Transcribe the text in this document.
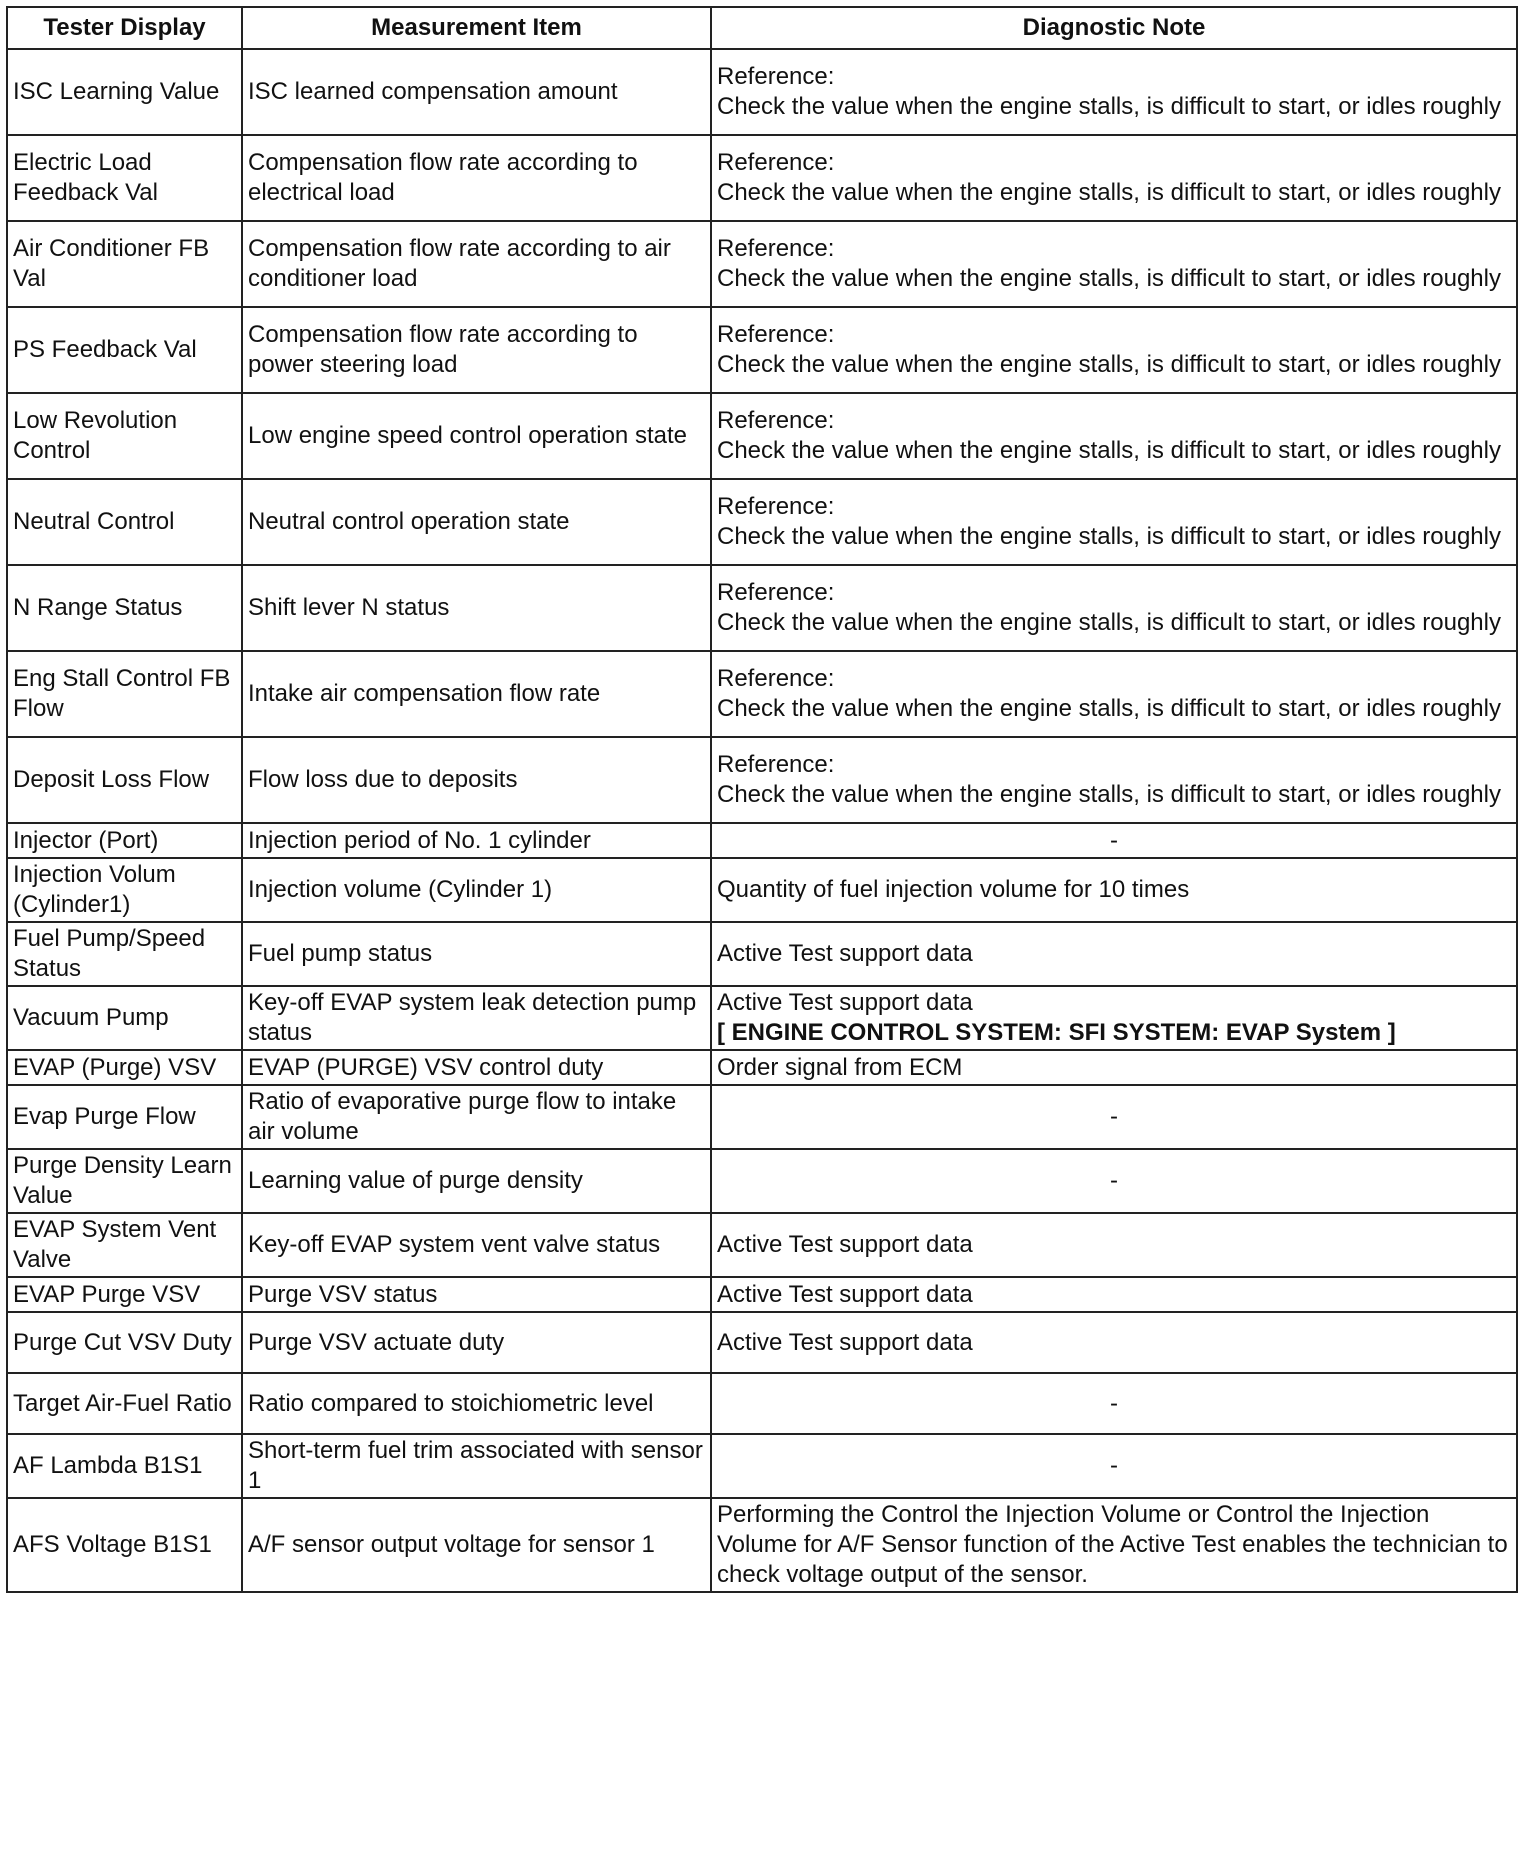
Tester Display	Measurement Item	Diagnostic Note
ISC Learning Value	ISC learned compensation amount	Reference:
Check the value when the engine stalls, is difficult to start, or idles roughly

Electric Load Feedback Val	Compensation flow rate according to electrical load	Reference:
Check the value when the engine stalls, is difficult to start, or idles roughly

Air Conditioner FB Val	Compensation flow rate according to air conditioner load	Reference:
Check the value when the engine stalls, is difficult to start, or idles roughly

PS Feedback Val	Compensation flow rate according to power steering load	Reference:
Check the value when the engine stalls, is difficult to start, or idles roughly

Low Revolution Control	Low engine speed control operation state	Reference:
Check the value when the engine stalls, is difficult to start, or idles roughly

Neutral Control	Neutral control operation state	Reference:
Check the value when the engine stalls, is difficult to start, or idles roughly

N Range Status	Shift lever N status	Reference:
Check the value when the engine stalls, is difficult to start, or idles roughly

Eng Stall Control FB Flow	Intake air compensation flow rate	Reference:
Check the value when the engine stalls, is difficult to start, or idles roughly

Deposit Loss Flow	Flow loss due to deposits	Reference:
Check the value when the engine stalls, is difficult to start, or idles roughly

Injector (Port)	Injection period of No. 1 cylinder	-
Injection Volum (Cylinder1)	Injection volume (Cylinder 1)	Quantity of fuel injection volume for 10 times
Fuel Pump/Speed Status	Fuel pump status	Active Test support data
Vacuum Pump	Key-off EVAP system leak detection pump status	Active Test support data
[ ENGINE CONTROL SYSTEM: SFI SYSTEM: EVAP System ]

EVAP (Purge) VSV	EVAP (PURGE) VSV control duty	Order signal from ECM
Evap Purge Flow	Ratio of evaporative purge flow to intake air volume	-
Purge Density Learn Value	Learning value of purge density	-
EVAP System Vent Valve	Key-off EVAP system vent valve status	Active Test support data
EVAP Purge VSV	Purge VSV status	Active Test support data
Purge Cut VSV Duty	Purge VSV actuate duty	Active Test support data
Target Air-Fuel Ratio	Ratio compared to stoichiometric level	-
AF Lambda B1S1	Short-term fuel trim associated with sensor 1	-
AFS Voltage B1S1	A/F sensor output voltage for sensor 1	Performing the Control the Injection Volume or Control the Injection Volume for A/F Sensor function of the Active Test enables the technician to check voltage output of the sensor.
